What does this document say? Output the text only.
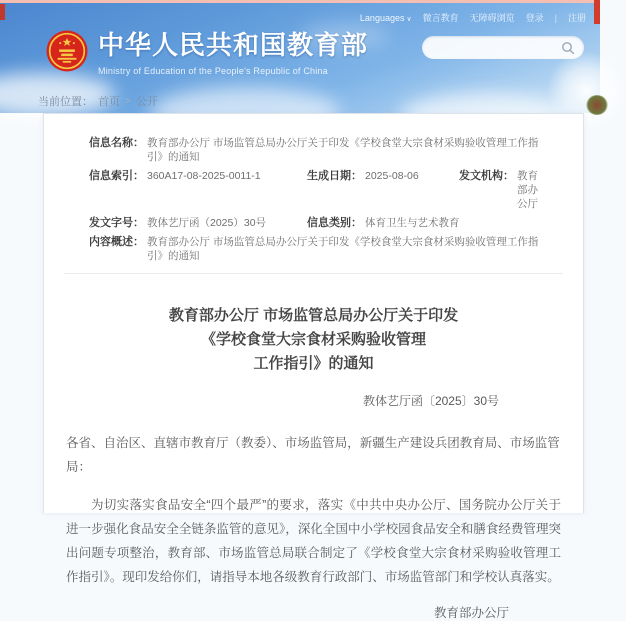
Languages ∨ 微言教育 无障碍浏览 登录 | 注册
中华人民共和国教育部
Ministry of Education of the People's Republic of China
当前位置： 首页 > 公开
信息名称： 教育部办公厅 市场监管总局办公厅关于印发《学校食堂大宗食材采购验收管理工作指引》的通知
信息索引： 360A17-08-2025-0011-1	生成日期： 2025-08-06	发文机构： 教育部办公厅
发文字号： 教体艺厅函（2025）30号	信息类别： 体育卫生与艺术教育
内容概述： 教育部办公厅 市场监管总局办公厅关于印发《学校食堂大宗食材采购验收管理工作指引》的通知
教育部办公厅 市场监管总局办公厅关于印发
《学校食堂大宗食材采购验收管理
工作指引》的通知
教体艺厅函〔2025〕30号
各省、自治区、直辖市教育厅（教委）、市场监管局，新疆生产建设兵团教育局、市场监管局：
为切实落实食品安全“四个最严”的要求，落实《中共中央办公厅、国务院办公厅关于进一步强化食品安全全链条监管的意见》，深化全国中小学校园食品安全和膳食经费管理突出问题专项整治，教育部、市场监管总局联合制定了《学校食堂大宗食材采购验收管理工作指引》。现印发给你们，请指导本地各级教育行政部门、市场监管部门和学校认真落实。
教育部办公厅
